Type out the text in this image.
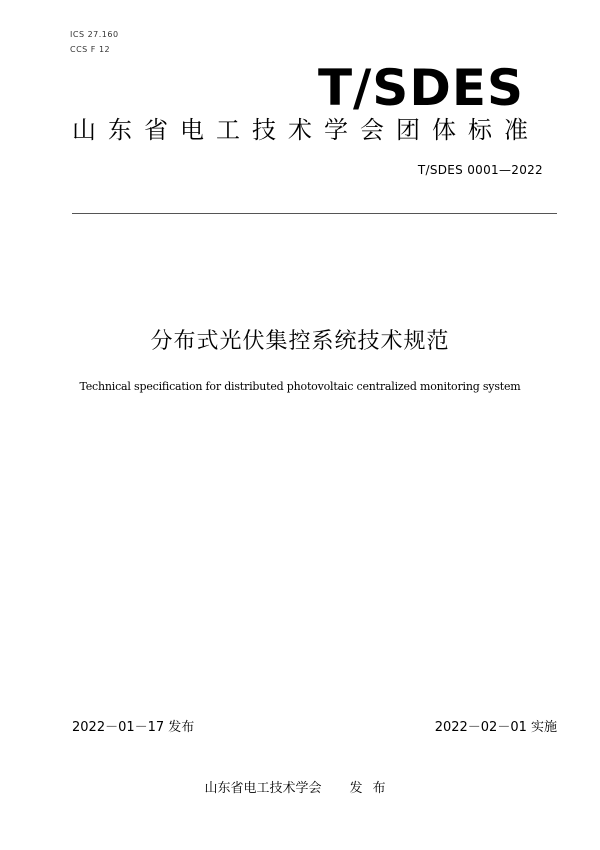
ICS 27.160
CCS F 12
T/SDES
山东省电工技术学会团体标准
T/SDES 0001—2022
分布式光伏集控系统技术规范
Technical specification for distributed photovoltaic centralized monitoring system
2022－01－17 发布	2022－02－01 实施
山东省电工技术学会 发布
